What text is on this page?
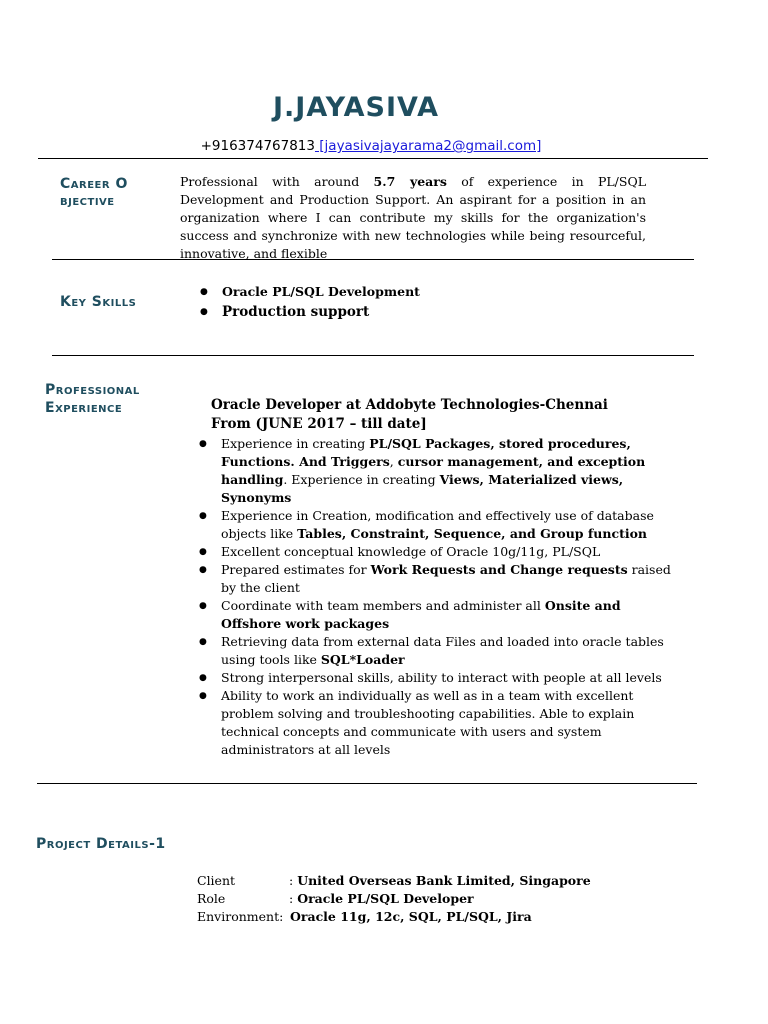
J.JAYASIVA
+916374767813 [jayasivajayarama2@gmail.com]
Career Objective
Professional with around 5.7 years of experience in PL/SQL Development and Production Support. An aspirant for a position in an organization where I can contribute my skills for the organization's success and synchronize with new technologies while being resourceful, innovative, and flexible
Key Skills
● Oracle PL/SQL Development
● Production support
Professional Experience	Oracle Developer at Addobyte Technologies-Chennai
From (JUNE 2017 – till date]
● Experience in creating PL/SQL Packages, stored procedures, Functions. And Triggers, cursor management, and exception handling. Experience in creating Views, Materialized views, Synonyms
● Experience in Creation, modification and effectively use of database objects like Tables, Constraint, Sequence, and Group function
● Excellent conceptual knowledge of Oracle 10g/11g, PL/SQL
● Prepared estimates for Work Requests and Change requests raised by the client
● Coordinate with team members and administer all Onsite and Offshore work packages
● Retrieving data from external data Files and loaded into oracle tables using tools like SQL*Loader
● Strong interpersonal skills, ability to interact with people at all levels
● Ability to work an individually as well as in a team with excellent problem solving and troubleshooting capabilities. Able to explain technical concepts and communicate with users and system administrators at all levels
Project Details-1
Client	: United Overseas Bank Limited, Singapore
Role	: Oracle PL/SQL Developer
Environment: Oracle 11g, 12c, SQL, PL/SQL, Jira
